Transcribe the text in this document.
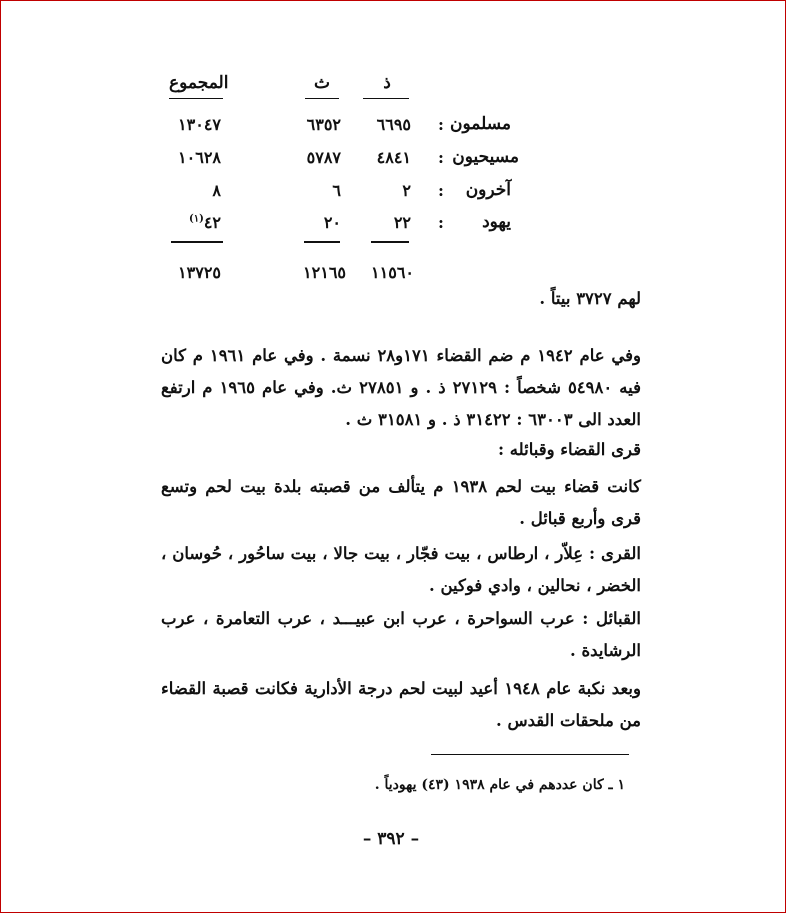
المجموع	ث	ذ
١٣٠٤٧	٦٣٥٢	٦٦٩٥ : مسلمون
١٠٦٢٨	٥٧٨٧	٤٨٤١ : مسيحيون
٨	٦	٢ :	آخرون
٤٢$^{(١)}$	٢٠	٢٢ :	يهود
١٣٧٢٥	١٢١٦٥	١١٥٦٠
لهم ٣٧٢٧ بيتاً .
وفي عام ١٩٤٢ م ضم القضاء ١٧١و٢٨ نسمة . وفي عام ١٩٦١ م كان فيه ٥٤٩٨٠ شخصاً : ٢٧١٢٩ ذ . و ٢٧٨٥١ ث. وفي عام ١٩٦٥ م ارتفع العدد الى ٦٣٠٠٣ : ٣١٤٢٢ ذ . و ٣١٥٨١ ث .
قرى القضاء وقبائله :
كانت قضاء بيت لحم ١٩٣٨ م يتألف من قصبته بلدة بيت لحم وتسع قرى وأربع قبائل .
القرى : عِلاّر ، ارطاس ، بيت فجّار ، بيت جالا ، بيت ساحُور ، حُوسان ، الخضر ، نحالين ، وادي فوكين .
القبائل : عرب السواحرة ، عرب ابن عبيـــد ، عرب التعامرة ، عرب الرشايدة .
وبعد نكبة عام ١٩٤٨ أعيد لبيت لحم درجة الأدارية فكانت قصبة القضاء من ملحقات القدس .
١ ـ كان عددهم في عام ١٩٣٨ (٤٣) يهودياً .
– ٣٩٢ –
